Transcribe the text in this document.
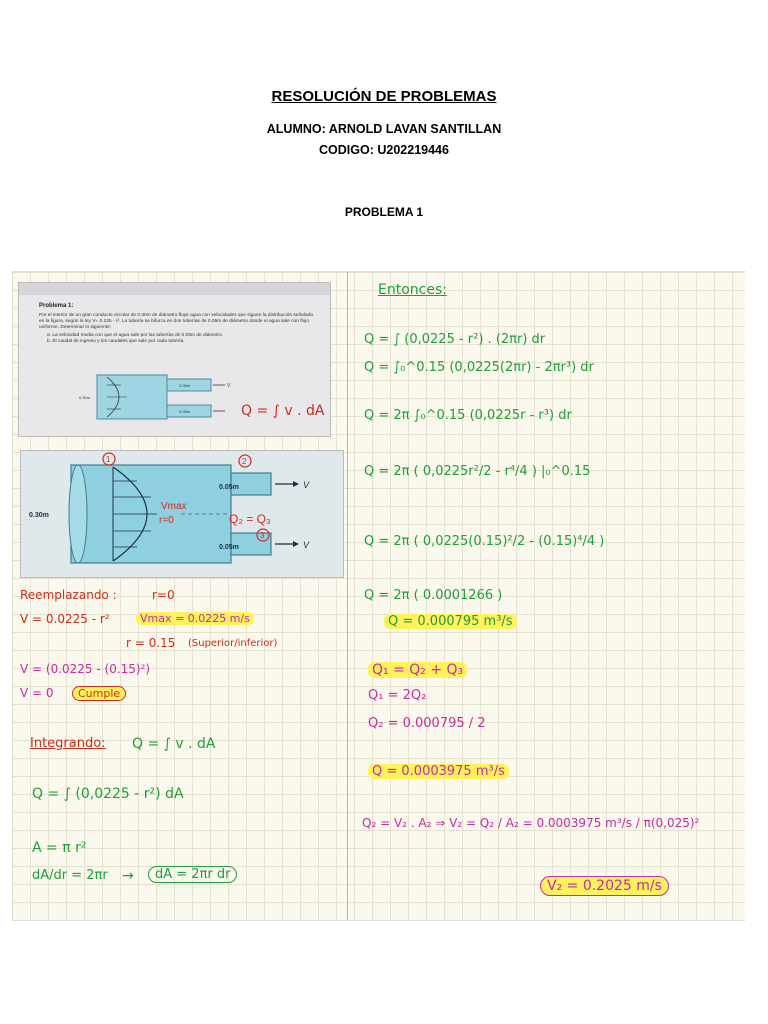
RESOLUCIÓN DE PROBLEMAS
ALUMNO: ARNOLD LAVAN SANTILLAN
CODIGO: U202219446
PROBLEMA 1
Problema 1:
Por el interior de un gran conducto circular de 0.30m de diámetro fluye agua con velocidades que siguen la distribución señalada en la figura, según la ley V= 0.225 - r². La tubería se bifurca en dos tuberías de 0.05m de diámetro donde el agua sale con flujo uniforme. Determinar lo siguiente:
a. La velocidad media con que el agua sale por las tuberías de 0.05m de diámetro.
b. El caudal de ingreso y los caudales que sale por cada tubería.
0.30m
0.05m
0.05m
V
Q = ∫ v . dA
0.30m
0.05m
0.05m
V
V
1	2
3
Vmax
r=0	Q₂ = Q₃
Reemplazando :	r=0
V = 0.0225 - r²	Vmax = 0.0225 m/s
r = 0.15 (Superior/inferior)
V = (0.0225 - (0.15)²)
V = 0	Cumple
Integrando: Q = ∫ v . dA
Q = ∫ (0,0225 - r²) dA
A = π r²
dA/dr = 2πr →	dA = 2πr dr
Entonces:
Q = ∫ (0,0225 - r²) . (2πr) dr
Q = ∫₀^0.15 (0,0225(2πr) - 2πr³) dr
Q = 2π ∫₀^0.15 (0,0225r - r³) dr
Q = 2π ( 0,0225r²/2 - r⁴/4 ) |₀^0.15
Q = 2π ( 0,0225(0.15)²/2 - (0.15)⁴/4 )
Q = 2π ( 0.0001266 )
Q = 0.000795 m³/s
Q₁ = Q₂ + Q₃
Q₁ = 2Q₂
Q₂ = 0.000795 / 2
Q = 0.0003975 m³/s
Q₂ = V₂ . A₂ ⇒ V₂ = Q₂ / A₂ = 0.0003975 m³/s / π(0,025)²
V₂ = 0.2025 m/s
